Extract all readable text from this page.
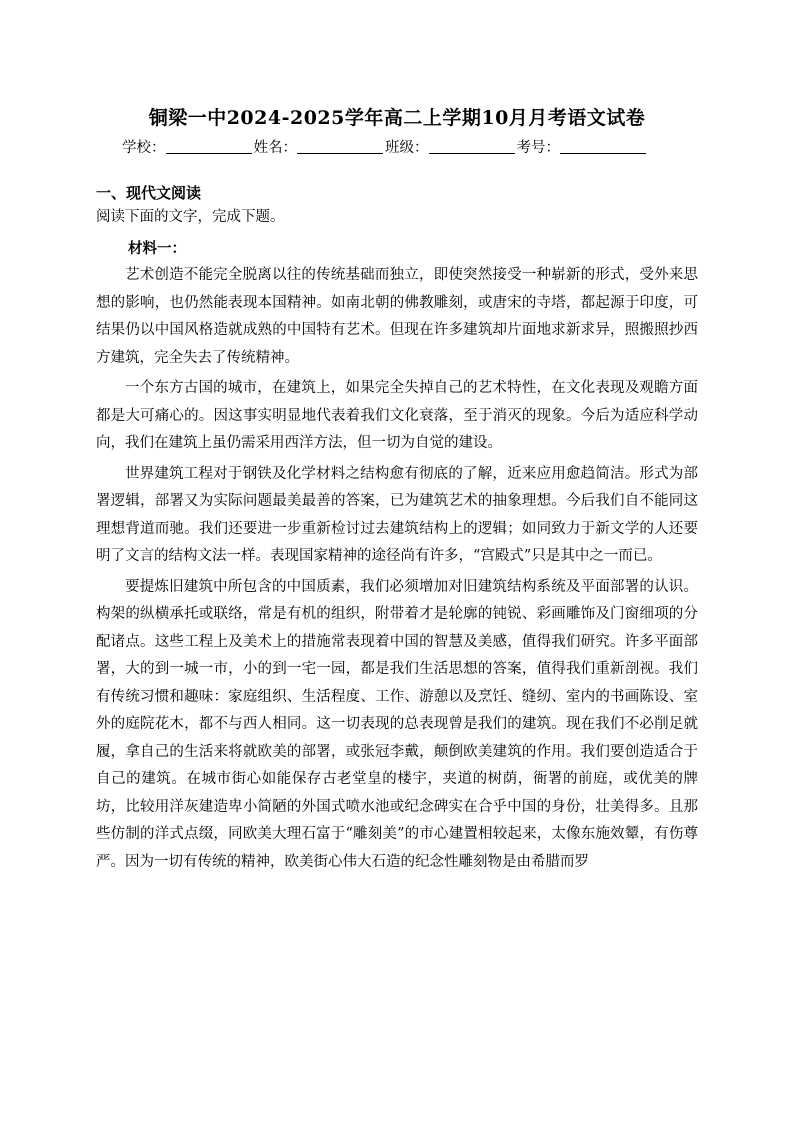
铜梁一中2024-2025学年高二上学期10月月考语文试卷
学校：	姓名：	班级：	考号：
一、现代文阅读
阅读下面的文字，完成下题。
材料一：

艺术创造不能完全脱离以往的传统基础而独立，即使突然接受一种崭新的形式，受外来思想的影响，也仍然能表现本国精神。如南北朝的佛教雕刻，或唐宋的寺塔，都起源于印度，可结果仍以中国风格造就成熟的中国特有艺术。但现在许多建筑却片面地求新求异，照搬照抄西方建筑，完全失去了传统精神。

一个东方古国的城市，在建筑上，如果完全失掉自己的艺术特性，在文化表现及观瞻方面都是大可痛心的。因这事实明显地代表着我们文化衰落，至于消灭的现象。今后为适应科学动向，我们在建筑上虽仍需采用西洋方法，但一切为自觉的建设。

世界建筑工程对于钢铁及化学材料之结构愈有彻底的了解，近来应用愈趋简洁。形式为部署逻辑，部署又为实际问题最美最善的答案，已为建筑艺术的抽象理想。今后我们自不能同这理想背道而驰。我们还要进一步重新检讨过去建筑结构上的逻辑；如同致力于新文学的人还要明了文言的结构文法一样。表现国家精神的途径尚有许多，“宫殿式”只是其中之一而已。

要提炼旧建筑中所包含的中国质素，我们必须增加对旧建筑结构系统及平面部署的认识。构架的纵横承托或联络，常是有机的组织，附带着才是轮廓的钝锐、彩画雕饰及门窗细项的分配诸点。这些工程上及美术上的措施常表现着中国的智慧及美感，值得我们研究。许多平面部署，大的到一城一市，小的到一宅一园，都是我们生活思想的答案，值得我们重新剖视。我们有传统习惯和趣味：家庭组织、生活程度、工作、游憩以及烹饪、缝纫、室内的书画陈设、室外的庭院花木，都不与西人相同。这一切表现的总表现曾是我们的建筑。现在我们不必削足就履，拿自己的生活来将就欧美的部署，或张冠李戴，颠倒欧美建筑的作用。我们要创造适合于自己的建筑。在城市街心如能保存古老堂皇的楼宇，夹道的树荫，衙署的前庭，或优美的牌坊，比较用洋灰建造卑小简陋的外国式喷水池或纪念碑实在合乎中国的身份，壮美得多。且那些仿制的洋式点缀，同欧美大理石富于“雕刻美”的市心建置相较起来，太像东施效颦，有伤尊严。因为一切有传统的精神，欧美街心伟大石造的纪念性雕刻物是由希腊而罗
